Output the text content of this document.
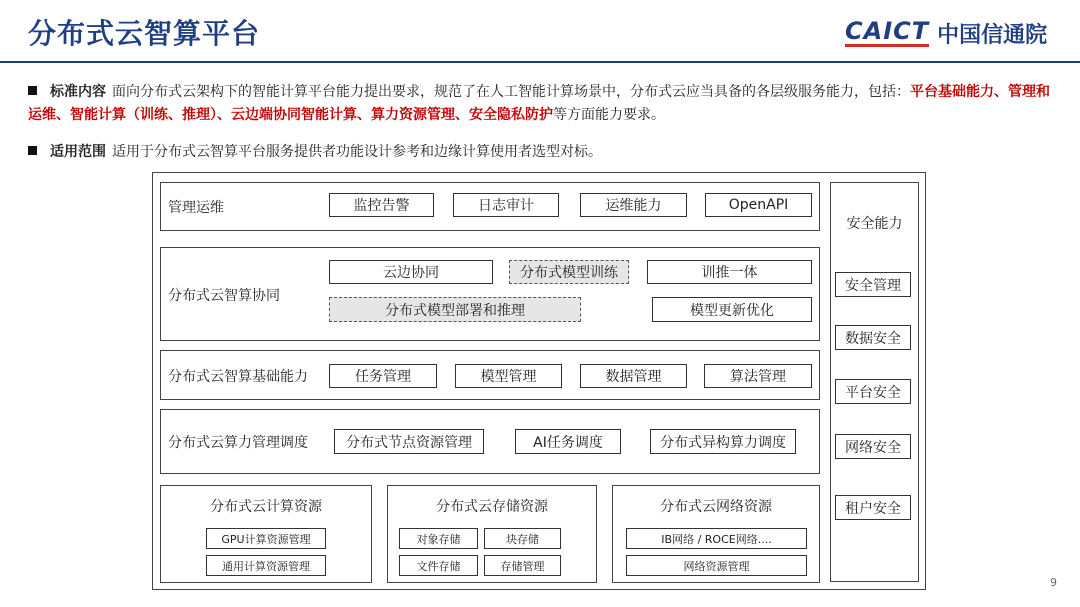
分布式云智算平台	CAICT 中国信通院
标准内容 面向分布式云架构下的智能计算平台能力提出要求，规范了在人工智能计算场景中，分布式云应当具备的各层级服务能力，包括：平台基础能力、管理和运维、智能计算（训练、推理）、云边端协同智能计算、算力资源管理、安全隐私防护等方面能力要求。
适用范围 适用于分布式云智算平台服务提供者功能设计参考和边缘计算使用者选型对标。
管理运维	监控告警	日志审计	运维能力	OpenAPI
分布式云智算协同
云边协同	分布式模型训练	训推一体
分布式模型部署和推理	模型更新优化
分布式云智算基础能力	任务管理	模型管理	数据管理	算法管理
分布式云算力管理调度	分布式节点资源管理	AI任务调度	分布式异构算力调度
分布式云计算资源
GPU计算资源管理
通用计算资源管理
分布式云存储资源
对象存储	块存储
文件存储	存储管理
分布式云网络资源
IB网络 / ROCE网络....
网络资源管理
安全能力
安全管理
数据安全
平台安全
网络安全
租户安全
9
